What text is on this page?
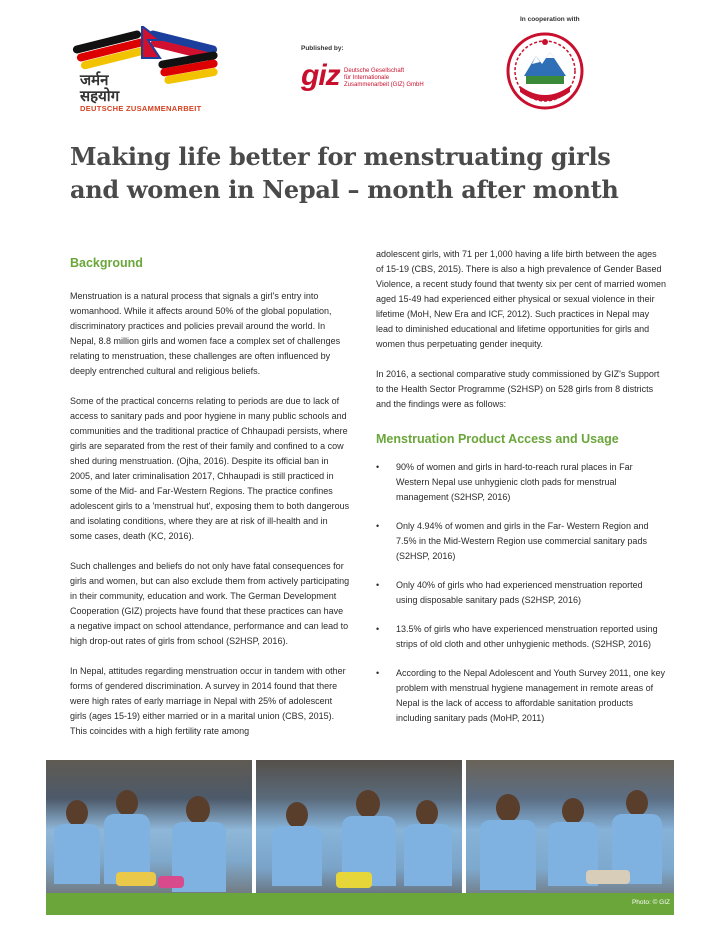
जर्मन
सहयोग
DEUTSCHE ZUSAMMENARBEIT
Published by:
giz Deutsche Gesellschaft
für Internationale
Zusammenarbeit (GIZ) GmbH
In cooperation with
Making life better for menstruating girls and women in Nepal – month after month
Background

Menstruation is a natural process that signals a girl's entry into womanhood. While it affects around 50% of the global population, discriminatory practices and policies prevail around the world. In Nepal, 8.8 million girls and women face a complex set of challenges relating to menstruation, these challenges are often influenced by deeply entrenched cultural and religious beliefs.

Some of the practical concerns relating to periods are due to lack of access to sanitary pads and poor hygiene in many public schools and communities and the traditional practice of Chhaupadi persists, where girls are separated from the rest of their family and confined to a cow shed during menstruation. (Ojha, 2016). Despite its official ban in 2005, and later criminalisation 2017, Chhaupadi is still practiced in some of the Mid- and Far-Western Regions. The practice confines adolescent girls to a 'menstrual hut', exposing them to both dangerous and isolating conditions, where they are at risk of ill-health and in some cases, death (KC, 2016).

Such challenges and beliefs do not only have fatal consequences for girls and women, but can also exclude them from actively participating in their community, education and work. The German Development Cooperation (GIZ) projects have found that these practices can have a negative impact on school attendance, performance and can lead to high drop-out rates of girls from school (S2HSP, 2016).

In Nepal, attitudes regarding menstruation occur in tandem with other forms of gendered discrimination. A survey in 2014 found that there were high rates of early marriage in Nepal with 25% of adolescent girls (ages 15-19) either married or in a marital union (CBS, 2015). This coincides with a high fertility rate among

adolescent girls, with 71 per 1,000 having a life birth between the ages of 15-19 (CBS, 2015). There is also a high prevalence of Gender Based Violence, a recent study found that twenty six per cent of married women aged 15-49 had experienced either physical or sexual violence in their lifetime (MoH, New Era and ICF, 2012). Such practices in Nepal may lead to diminished educational and lifetime opportunities for girls and women thus perpetuating gender inequity.

In 2016, a sectional comparative study commissioned by GIZ's Support to the Health Sector Programme (S2HSP) on 528 girls from 8 districts and the findings were as follows:

Menstruation Product Access and Usage
• 90% of women and girls in hard-to-reach rural places in Far Western Nepal use unhygienic cloth pads for menstrual management (S2HSP, 2016)
• Only 4.94% of women and girls in the Far- Western Region and 7.5% in the Mid-Western Region use commercial sanitary pads (S2HSP, 2016)
• Only 40% of girls who had experienced menstruation reported using disposable sanitary pads (S2HSP, 2016)
• 13.5% of girls who have experienced menstruation reported using strips of old cloth and other unhygienic methods. (S2HSP, 2016)
• According to the Nepal Adolescent and Youth Survey 2011, one key problem with menstrual hygiene management in remote areas of Nepal is the lack of access to affordable sanitation products including sanitary pads (MoHP, 2011)
Photo: © GIZ
